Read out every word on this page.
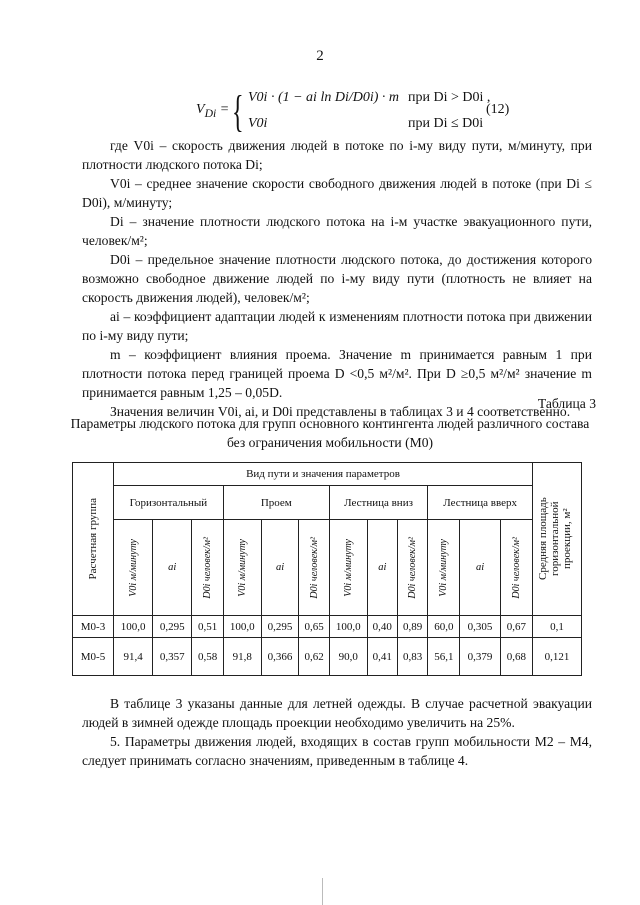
2
$V_{Di}$ = { V0i · (1 − ai ln Di/D0i) · m
V0i
при Di > D0i ,
при Di ≤ D0i
(12)

где V0i – скорость движения людей в потоке по i-му виду пути, м/минуту, при плотности людского потока Di;

V0i – среднее значение скорости свободного движения людей в потоке (при Di ≤ D0i), м/минуту;

Di – значение плотности людского потока на i-м участке эвакуационного пути, человек/м²;

D0i – предельное значение плотности людского потока, до достижения которого возможно свободное движение людей по i-му виду пути (плотность не влияет на скорость движения людей), человек/м²;

ai – коэффициент адаптации людей к изменениям плотности потока при движении по i-му виду пути;

m – коэффициент влияния проема. Значение m принимается равным 1 при плотности потока перед границей проема D <0,5 м²/м². При D ≥0,5 м²/м² значение m принимается равным 1,25 – 0,05D.

Значения величин V0i, ai, и D0i представлены в таблицах 3 и 4 соответственно.

Таблица 3
Параметры людского потока для групп основного контингента людей различного состава без ограничения мобильности (М0)
Расчетная группа	Вид пути и значения параметров												Средняя площадь горизонтальной проекции, м²

	Горизонтальный			Проем			Лестница вниз			Лестница вверх			

	V0i м/минуту	ai	D0i человек/м²	V0i м/минуту	ai	D0i человек/м²	V0i м/минуту	ai	D0i человек/м²	V0i м/минуту	ai	D0i человек/м²	

М0-3	100,0	0,295	0,51	100,0	0,295	0,65	100,0	0,40	0,89	60,0	0,305	0,67	0,1
М0-5	91,4	0,357	0,58	91,8	0,366	0,62	90,0	0,41	0,83	56,1	0,379	0,68	0,121

В таблице 3 указаны данные для летней одежды. В случае расчетной эвакуации людей в зимней одежде площадь проекции необходимо увеличить на 25%.

5. Параметры движения людей, входящих в состав групп мобильности М2 – М4, следует принимать согласно значениям, приведенным в таблице 4.
